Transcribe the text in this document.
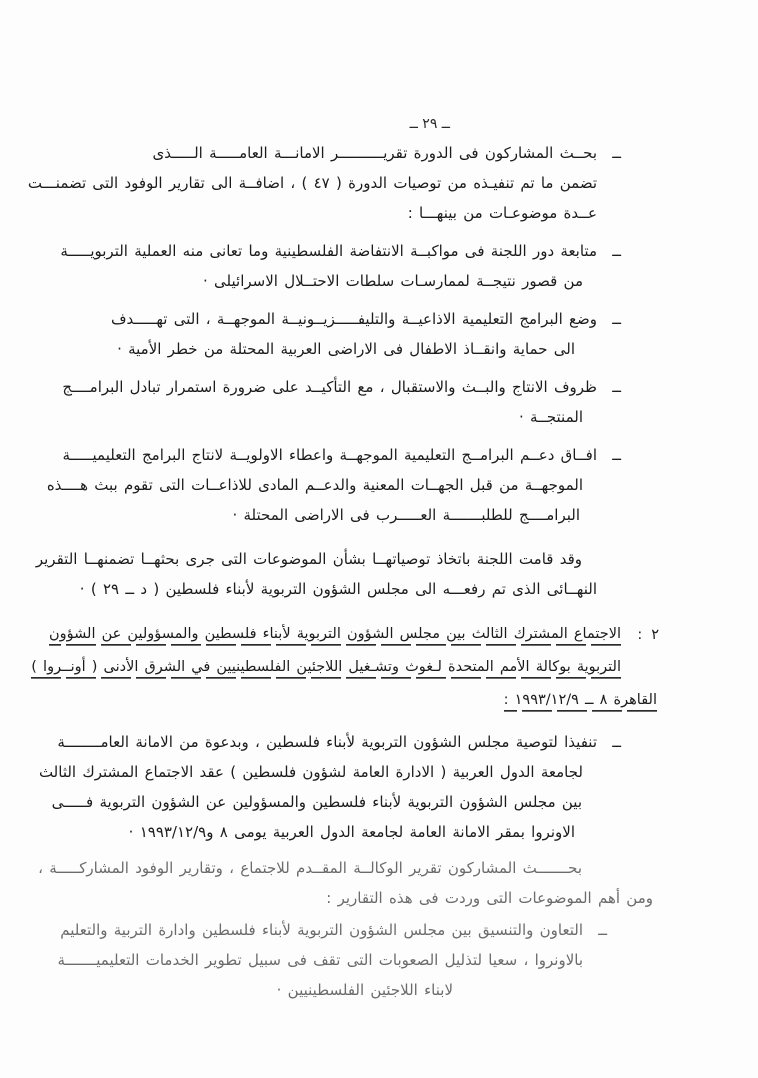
ــ ٢٩ ــ
ــ
بحــث المشاركون فى الدورة تقريــــــــــر الامانـــة العامـــــة الـــــذى
تضمن ما تم تنفيـذه من توصيات الدورة ( ٤٧ ) ، اضافــة الى تقارير الوفود التى تضمنـــت
عــدة موضوعـات من بينهـــا :
ــ
متابعة دور اللجنة فى مواكبــة الانتفاضة الفلسطينية وما تعانى منه العملية التربويـــــة
من قصور نتيجــة لممارسـات سلطات الاحتــلال الاسرائيلى ·
ــ
وضع البرامج التعليمية الاذاعيــة والتليفـــــزيــونيــة الموجهــة ، التى تهـــــدف
الى حماية وانقــاذ الاطفال فى الاراضى العربية المحتلة من خطر الأمية ·
ــ
ظروف الانتاج والبــث والاستقبال ، مع التأكيــد على ضرورة استمرار تبادل البرامــــج
المنتجــة ·
ــ
افــاق دعــم البرامــج التعليمية الموجهــة واعطاء الاولويــة لانتاج البرامج التعليميـــــة
الموجهــة من قبل الجهــات المعنية والدعــم المادى للاذاعــات التى تقوم ببث هــــذه
البرامــــج للطلبـــــــة العـــــرب فى الاراضى المحتلة ·
وقد قامت اللجنة باتخاذ توصياتهــا بشأن الموضوعات التى جرى بحثهــا تضمنهــا التقرير
النهــائى الذى تم رفعـــه الى مجلس الشؤون التربوية لأبناء فلسطين ( د ــ ٢٩ ) ·
٢:
الاجتماع المشترك الثالث بين مجلس الشؤون التربوية لأبناء فلسطين والمسؤولين عن الشؤون
التربوية بوكالة الأمم المتحدة لـغوث وتشـغيل اللاجئين الفلسطينيين في الشرق الأدنى ( أونــروا )
القاهرة ٨ ــ ١٩٩٣/١٢/٩ :
ــ
تنفيذا لتوصية مجلس الشؤون التربوية لأبناء فلسطين ، وبدعوة من الامانة العامــــــــة
لجامعة الدول العربية ( الادارة العامة لشؤون فلسطين ) عقد الاجتماع المشترك الثالث
بين مجلس الشؤون التربوية لأبناء فلسطين والمسؤولين عن الشؤون التربوية فـــــى
الاونروا بمقر الامانة العامة لجامعة الدول العربية يومى ٨ و١٩٩٣/١٢/٩ ·
بحـــــــث المشاركون تقرير الوكالــة المقــدم للاجتماع ، وتقارير الوفود المشاركـــــة ،
ومن أهم الموضوعات التى وردت فى هذه التقارير :
ــ
التعاون والتنسيق بين مجلس الشؤون التربوية لأبناء فلسطين وادارة التربية والتعليم
بالاونروا ، سعيا لتذليل الصعوبات التى تقف فى سبيل تطوير الخدمات التعليميـــــــة
لابناء اللاجئين الفلسطينيين ·
